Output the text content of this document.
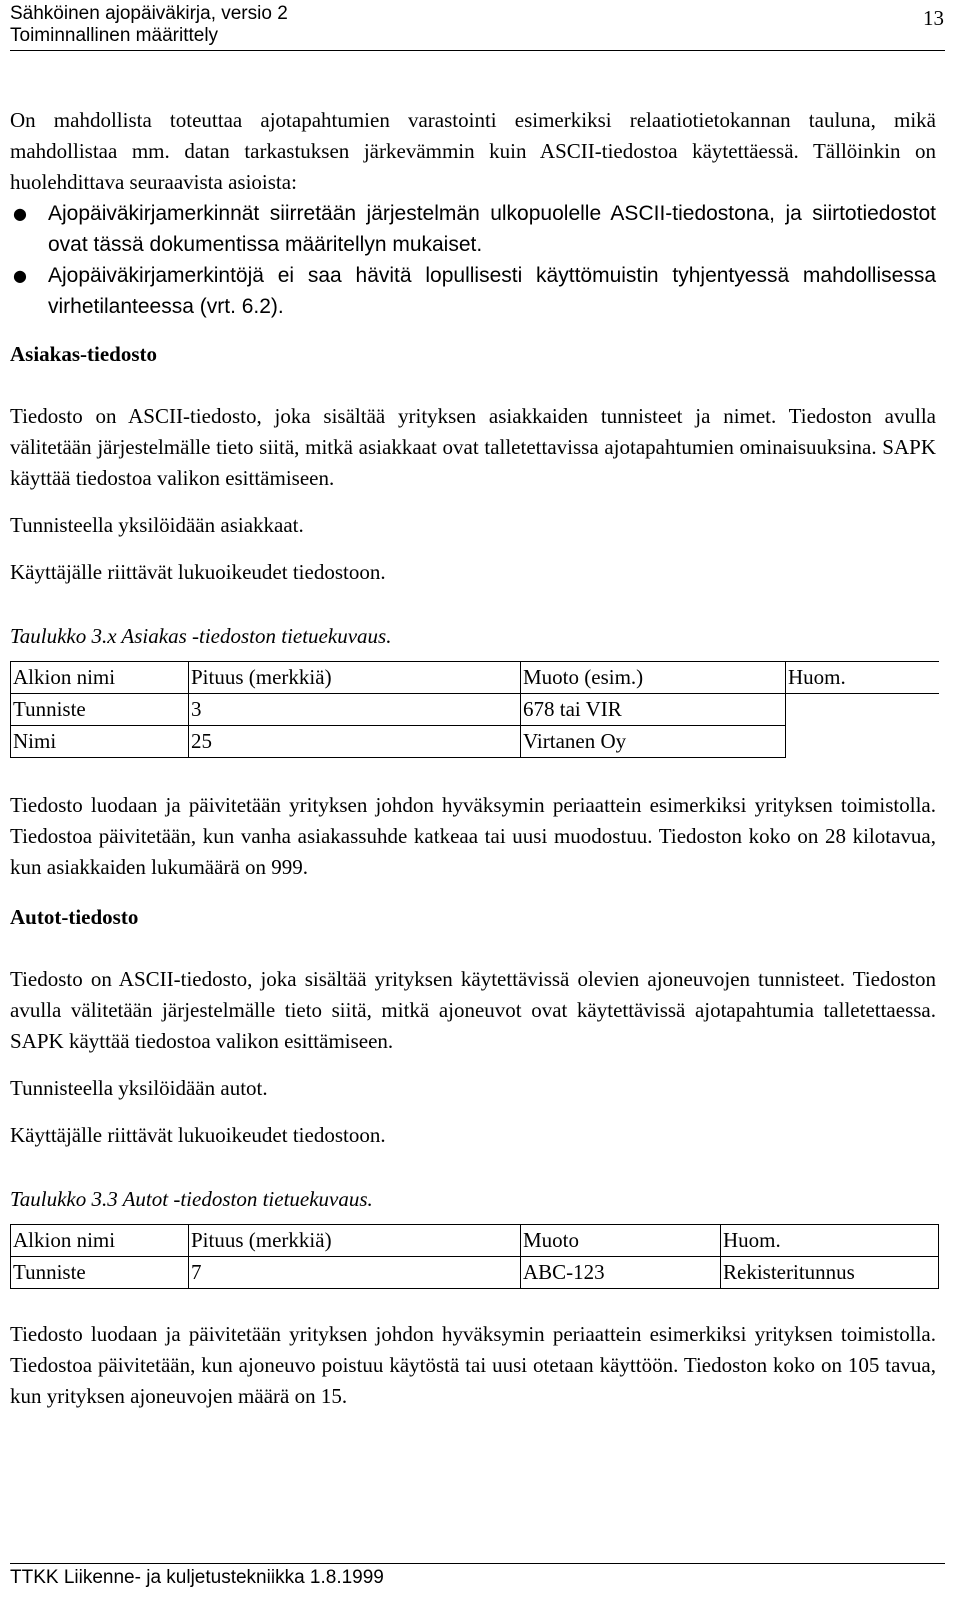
Sähköinen ajopäiväkirja, versio 2
Toiminnallinen määrittely
13

On mahdollista toteuttaa ajotapahtumien varastointi esimerkiksi relaatiotietokannan tauluna, mikä mahdollistaa mm. datan tarkastuksen järkevämmin kuin ASCII-tiedostoa käytettäessä. Tällöinkin on huolehdittava seuraavista asioista:

● Ajopäiväkirjamerkinnät siirretään järjestelmän ulkopuolelle ASCII-tiedostona, ja siirtotiedostot ovat tässä dokumentissa määritellyn mukaiset.
● Ajopäiväkirjamerkintöjä ei saa hävitä lopullisesti käyttömuistin tyhjentyessä mahdollisessa virhetilanteessa (vrt. 6.2).

Asiakas-tiedosto

Tiedosto on ASCII-tiedosto, joka sisältää yrityksen asiakkaiden tunnisteet ja nimet. Tiedoston avulla välitetään järjestelmälle tieto siitä, mitkä asiakkaat ovat talletettavissa ajotapahtumien ominaisuuksina. SAPK käyttää tiedostoa valikon esittämiseen.

Tunnisteella yksilöidään asiakkaat.

Käyttäjälle riittävät lukuoikeudet tiedostoon.

Taulukko 3.x Asiakas -tiedoston tietuekuvaus.

Alkion nimi	Pituus (merkkiä)	Muoto (esim.)	Huom.
Tunniste	3	678 tai VIR	
Nimi	25	Virtanen Oy	

Tiedosto luodaan ja päivitetään yrityksen johdon hyväksymin periaattein esimerkiksi yrityksen toimistolla. Tiedostoa päivitetään, kun vanha asiakassuhde katkeaa tai uusi muodostuu. Tiedoston koko on 28 kilotavua, kun asiakkaiden lukumäärä on 999.

Autot-tiedosto

Tiedosto on ASCII-tiedosto, joka sisältää yrityksen käytettävissä olevien ajoneuvojen tunnisteet. Tiedoston avulla välitetään järjestelmälle tieto siitä, mitkä ajoneuvot ovat käytettävissä ajotapahtumia talletettaessa. SAPK käyttää tiedostoa valikon esittämiseen.

Tunnisteella yksilöidään autot.

Käyttäjälle riittävät lukuoikeudet tiedostoon.

Taulukko 3.3 Autot -tiedoston tietuekuvaus.

Alkion nimi	Pituus (merkkiä)	Muoto	Huom.
Tunniste	7	ABC-123	Rekisteritunnus

Tiedosto luodaan ja päivitetään yrityksen johdon hyväksymin periaattein esimerkiksi yrityksen toimistolla. Tiedostoa päivitetään, kun ajoneuvo poistuu käytöstä tai uusi otetaan käyttöön. Tiedoston koko on 105 tavua, kun yrityksen ajoneuvojen määrä on 15.

TTKK Liikenne- ja kuljetustekniikka 1.8.1999
